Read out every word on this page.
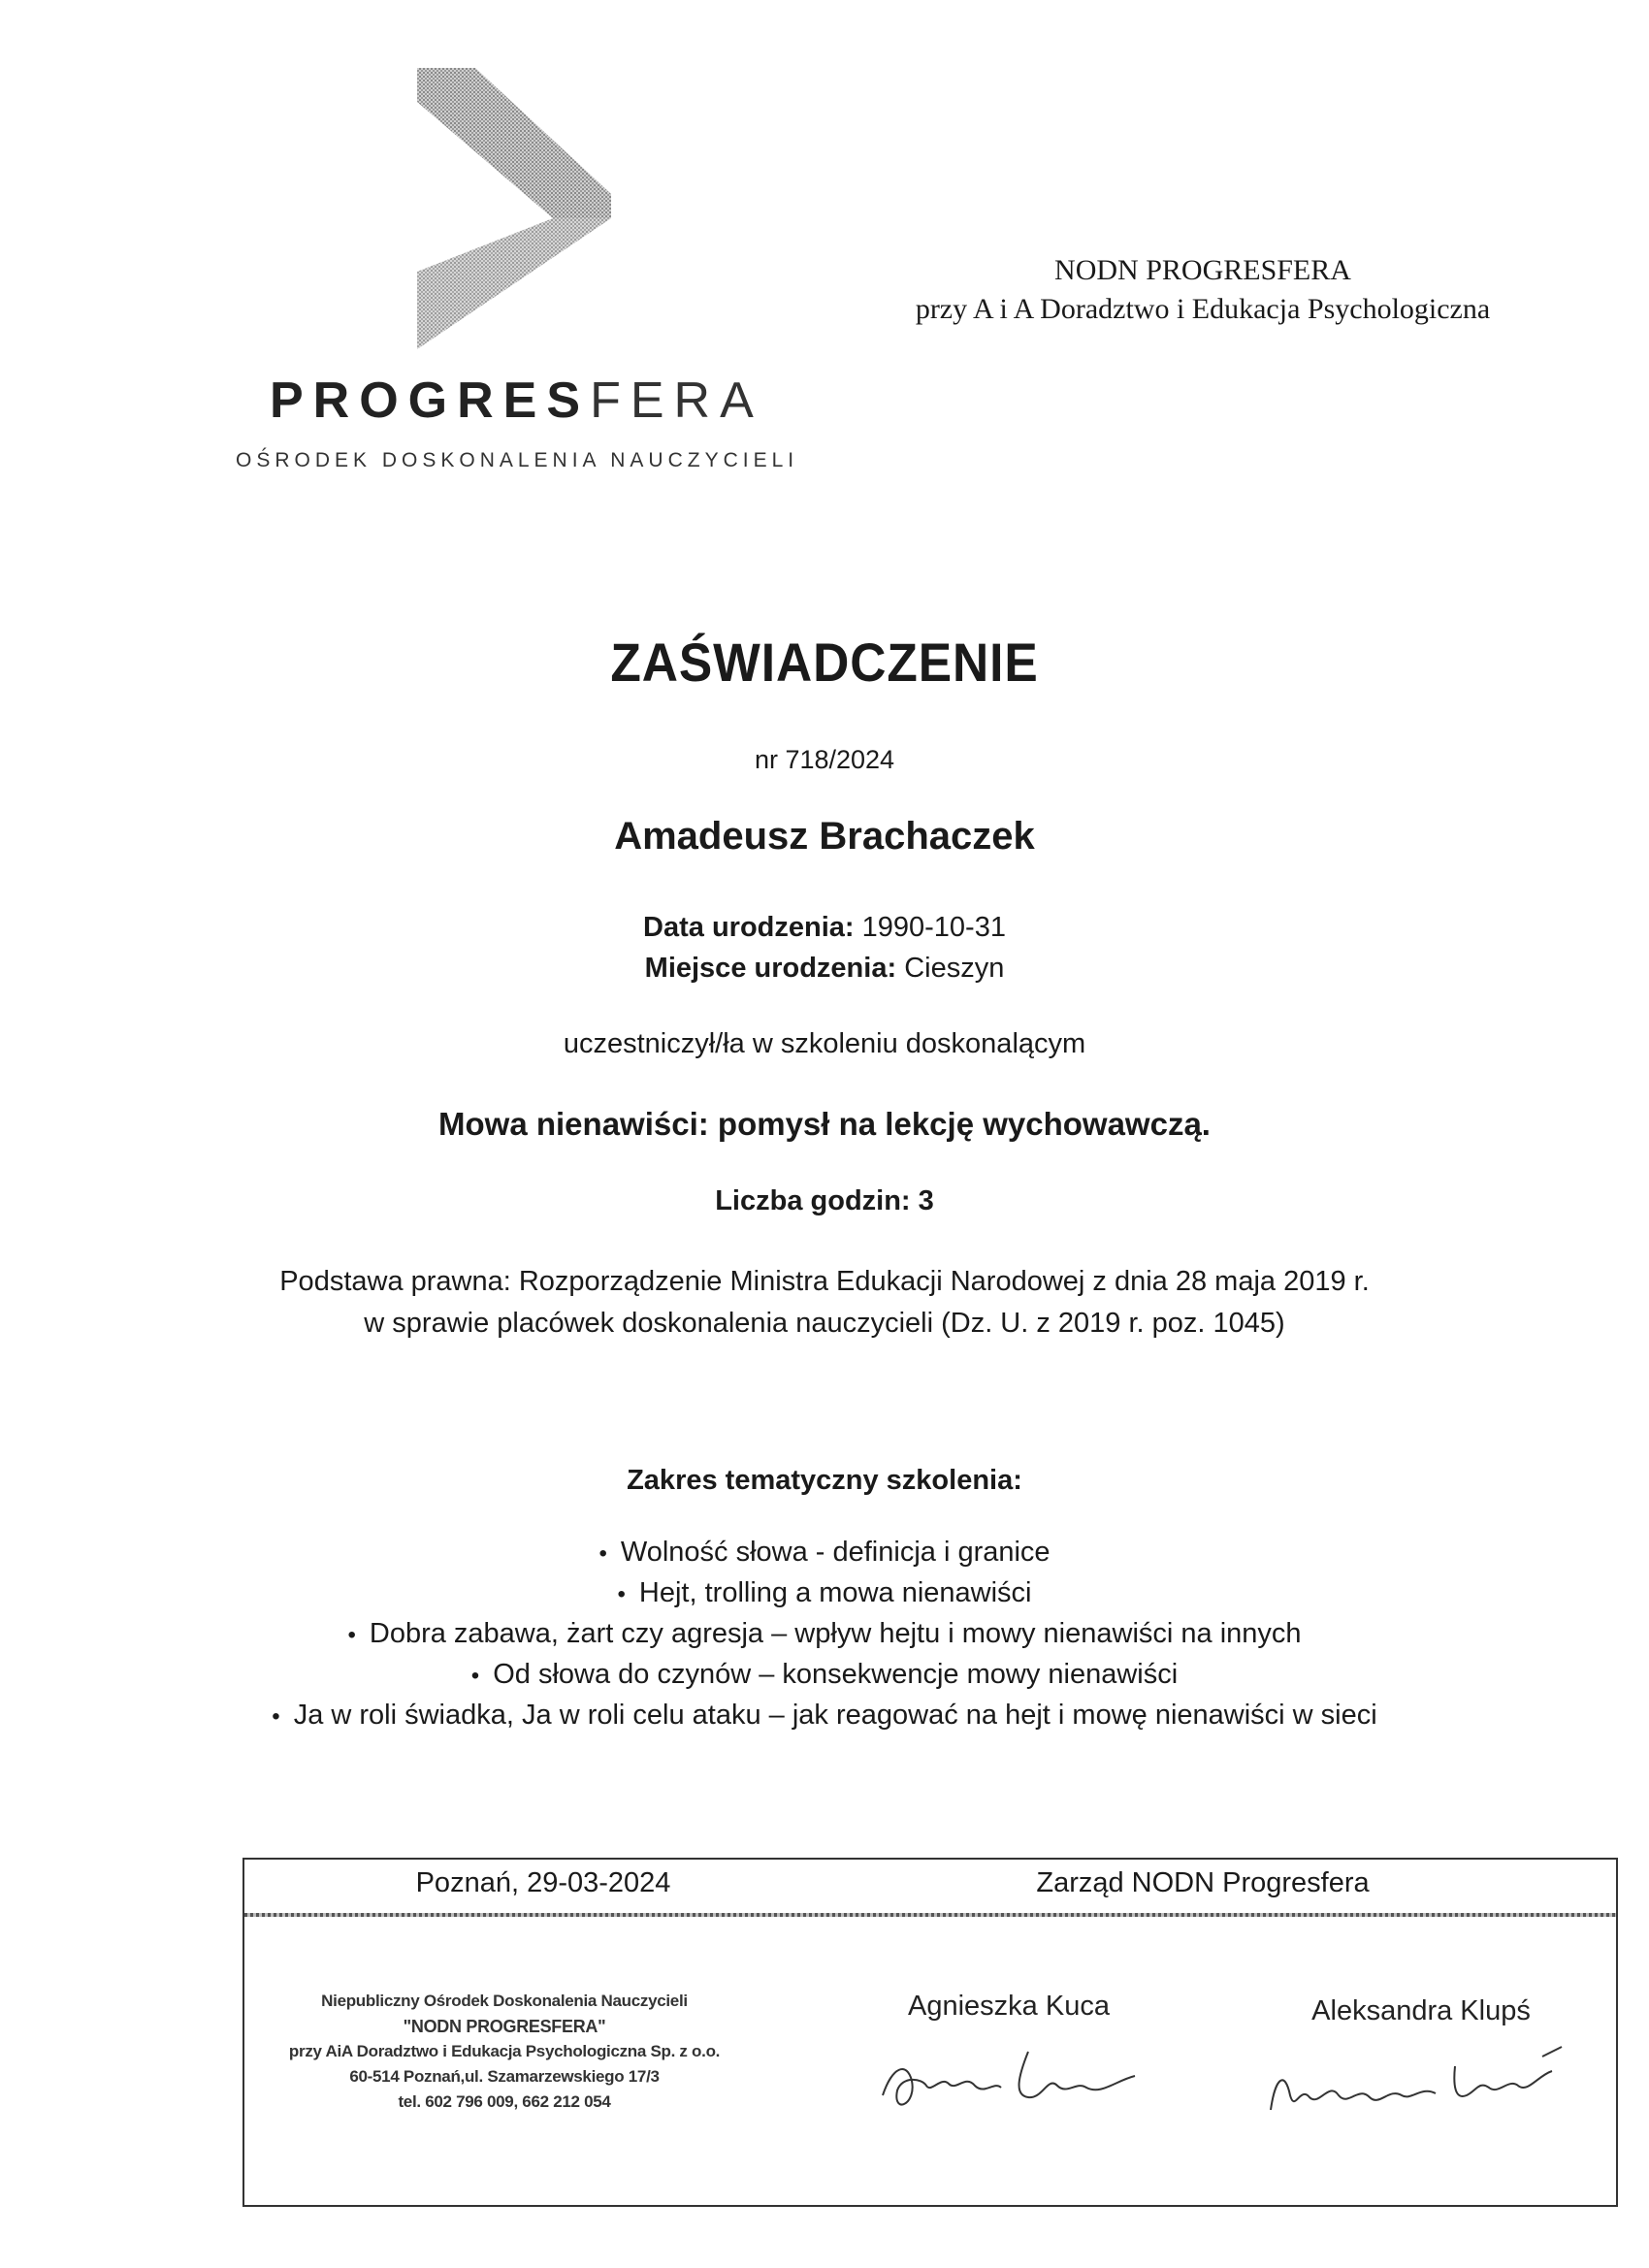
PROGRESFERA
OŚRODEK DOSKONALENIA NAUCZYCIELI
NODN PROGRESFERA
przy A i A Doradztwo i Edukacja Psychologiczna
ZAŚWIADCZENIE
nr 718/2024
Amadeusz Brachaczek
Data urodzenia: 1990-10-31
Miejsce urodzenia: Cieszyn
uczestniczył/ła w szkoleniu doskonalącym
Mowa nienawiści: pomysł na lekcję wychowawczą.
Liczba godzin: 3
Podstawa prawna: Rozporządzenie Ministra Edukacji Narodowej z dnia 28 maja 2019 r.
w sprawie placówek doskonalenia nauczycieli (Dz. U. z 2019 r. poz. 1045)
Zakres tematyczny szkolenia:
• Wolność słowa - definicja i granice
• Hejt, trolling a mowa nienawiści
• Dobra zabawa, żart czy agresja – wpływ hejtu i mowy nienawiści na innych
• Od słowa do czynów – konsekwencje mowy nienawiści
• Ja w roli świadka, Ja w roli celu ataku – jak reagować na hejt i mowę nienawiści w sieci
Poznań, 29-03-2024	Zarząd NODN Progresfera
Niepubliczny Ośrodek Doskonalenia Nauczycieli
"NODN PROGRESFERA"
przy AiA Doradztwo i Edukacja Psychologiczna Sp. z o.o.
60-514 Poznań,ul. Szamarzewskiego 17/3
tel. 602 796 009, 662 212 054
Agnieszka Kuca	Aleksandra Klupś
